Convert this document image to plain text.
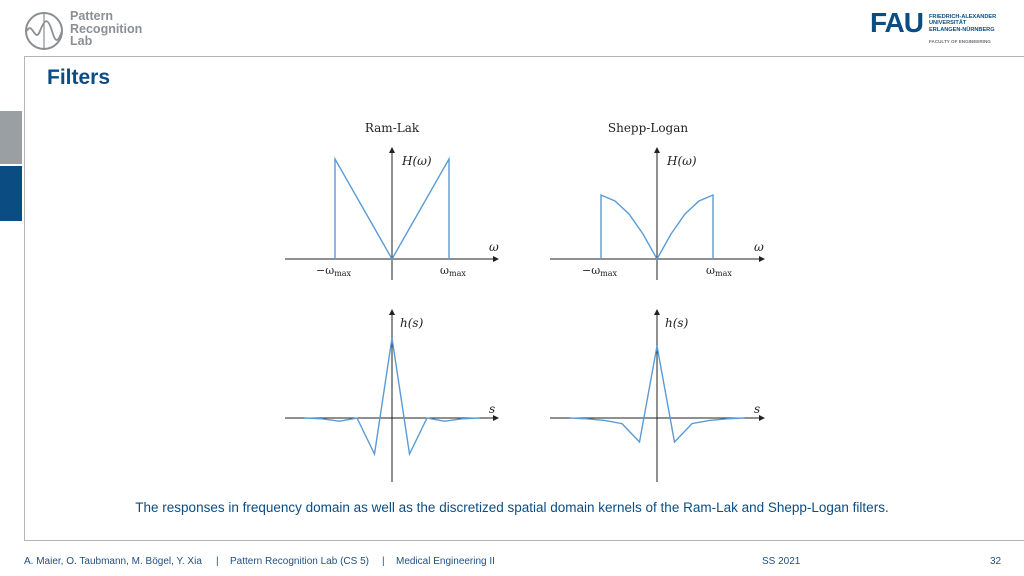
Pattern
Recognition
Lab
FAU FRIEDRICH-ALEXANDER
UNIVERSITÄT
ERLANGEN-NÜRNBERG
FACULTY OF ENGINEERING
Filters
Ram-Lak
H(ω)
ω
−ωmax	ωmax
Shepp-Logan
H(ω)
ω
−ωmax	ωmax
h(s)
s
h(s)
s
The responses in frequency domain as well as the discretized spatial domain kernels of the Ram-Lak and Shepp-Logan filters.
A. Maier, O. Taubmann, M. Bögel, Y. Xia | Pattern Recognition Lab (CS 5) | Medical Engineering II	SS 2021	32
